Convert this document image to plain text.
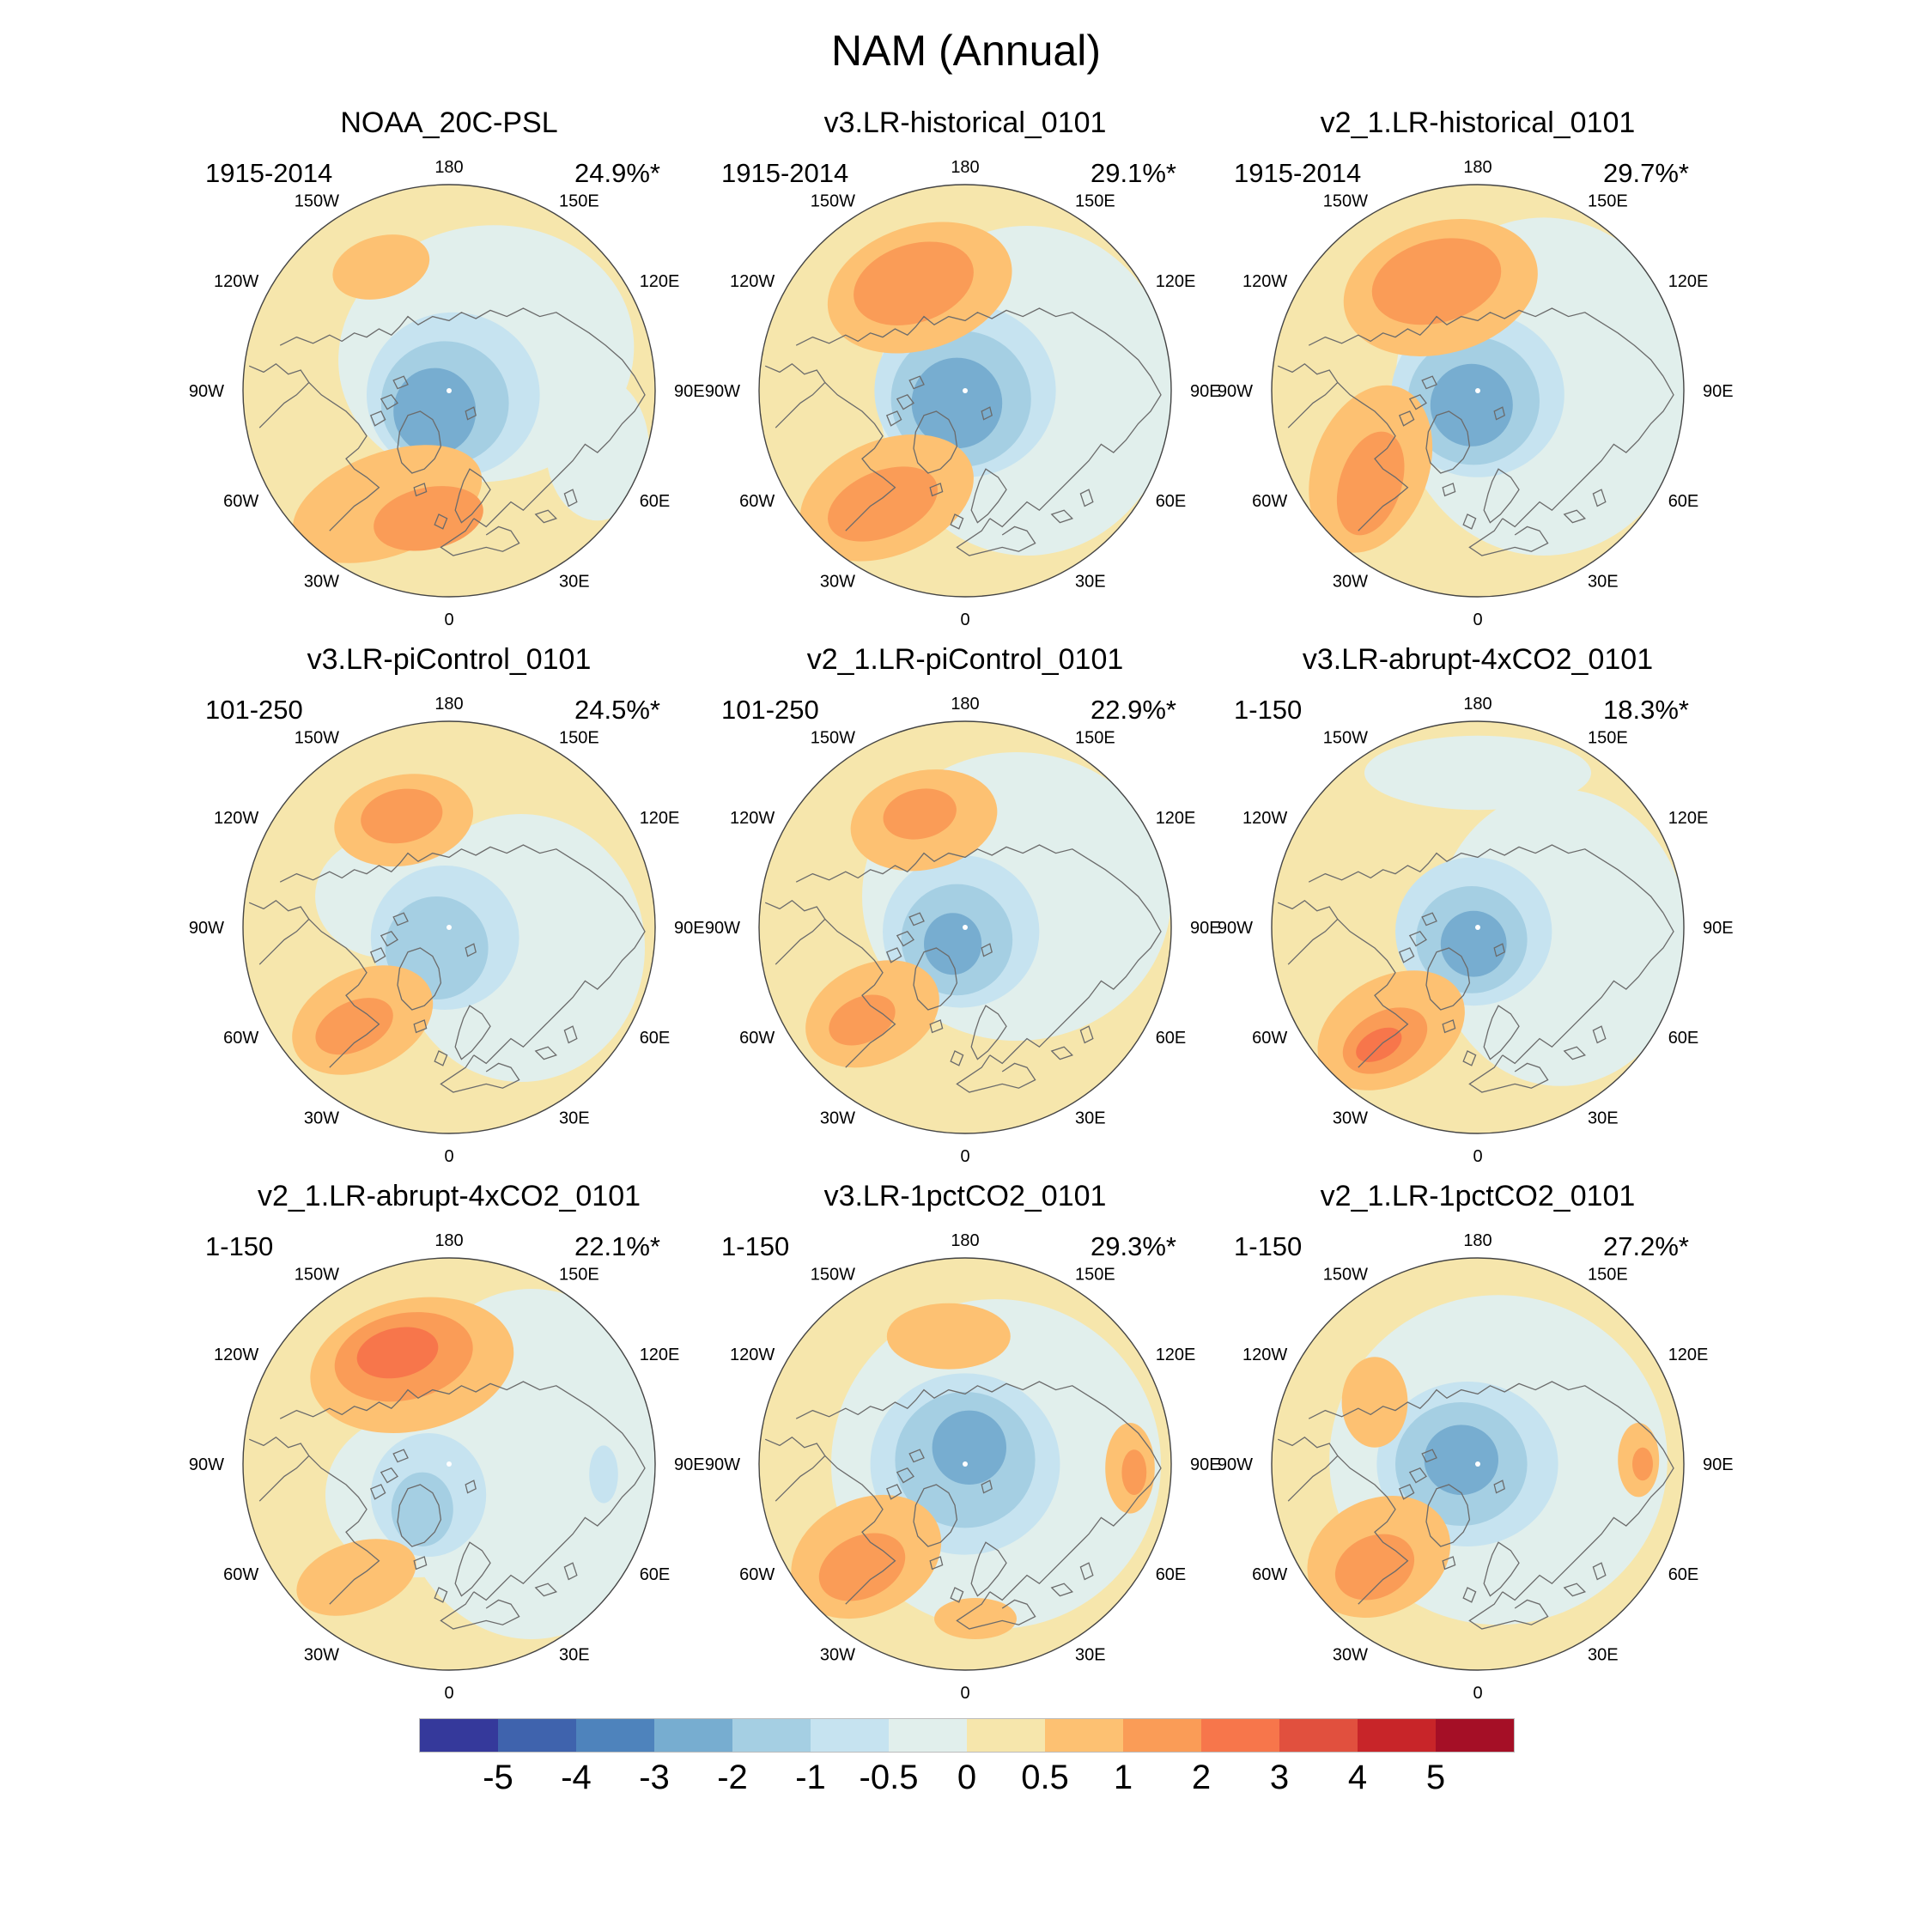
NAM (Annual)
NOAA_20C-PSL
1915-2014	24.9%*
180
150E
120E
90E
60E
30E
0
30W
60W
90W
120W
150W
v3.LR-historical_0101
1915-2014	29.1%*
180
150E
120E
90E
60E
30E
0
30W
60W
90W
120W
150W
v2_1.LR-historical_0101
1915-2014	29.7%*
180
150E
120E
90E
60E
30E
0
30W
60W
90W
120W
150W
v3.LR-piControl_0101
101-250	24.5%*
180
150E
120E
90E
60E
30E
0
30W
60W
90W
120W
150W
v2_1.LR-piControl_0101
101-250	22.9%*
180
150E
120E
90E
60E
30E
0
30W
60W
90W
120W
150W
v3.LR-abrupt-4xCO2_0101
1-150	18.3%*
180
150E
120E
90E
60E
30E
0
30W
60W
90W
120W
150W
v2_1.LR-abrupt-4xCO2_0101
1-150	22.1%*
180
150E
120E
90E
60E
30E
0
30W
60W
90W
120W
150W
v3.LR-1pctCO2_0101
1-150	29.3%*
180
150E
120E
90E
60E
30E
0
30W
60W
90W
120W
150W
v2_1.LR-1pctCO2_0101
1-150	27.2%*
180
150E
120E
90E
60E
30E
0
30W
60W
90W
120W
150W
-5 -4 -3 -2 -1 -0.5 0 0.5 1 2 3 4 5
